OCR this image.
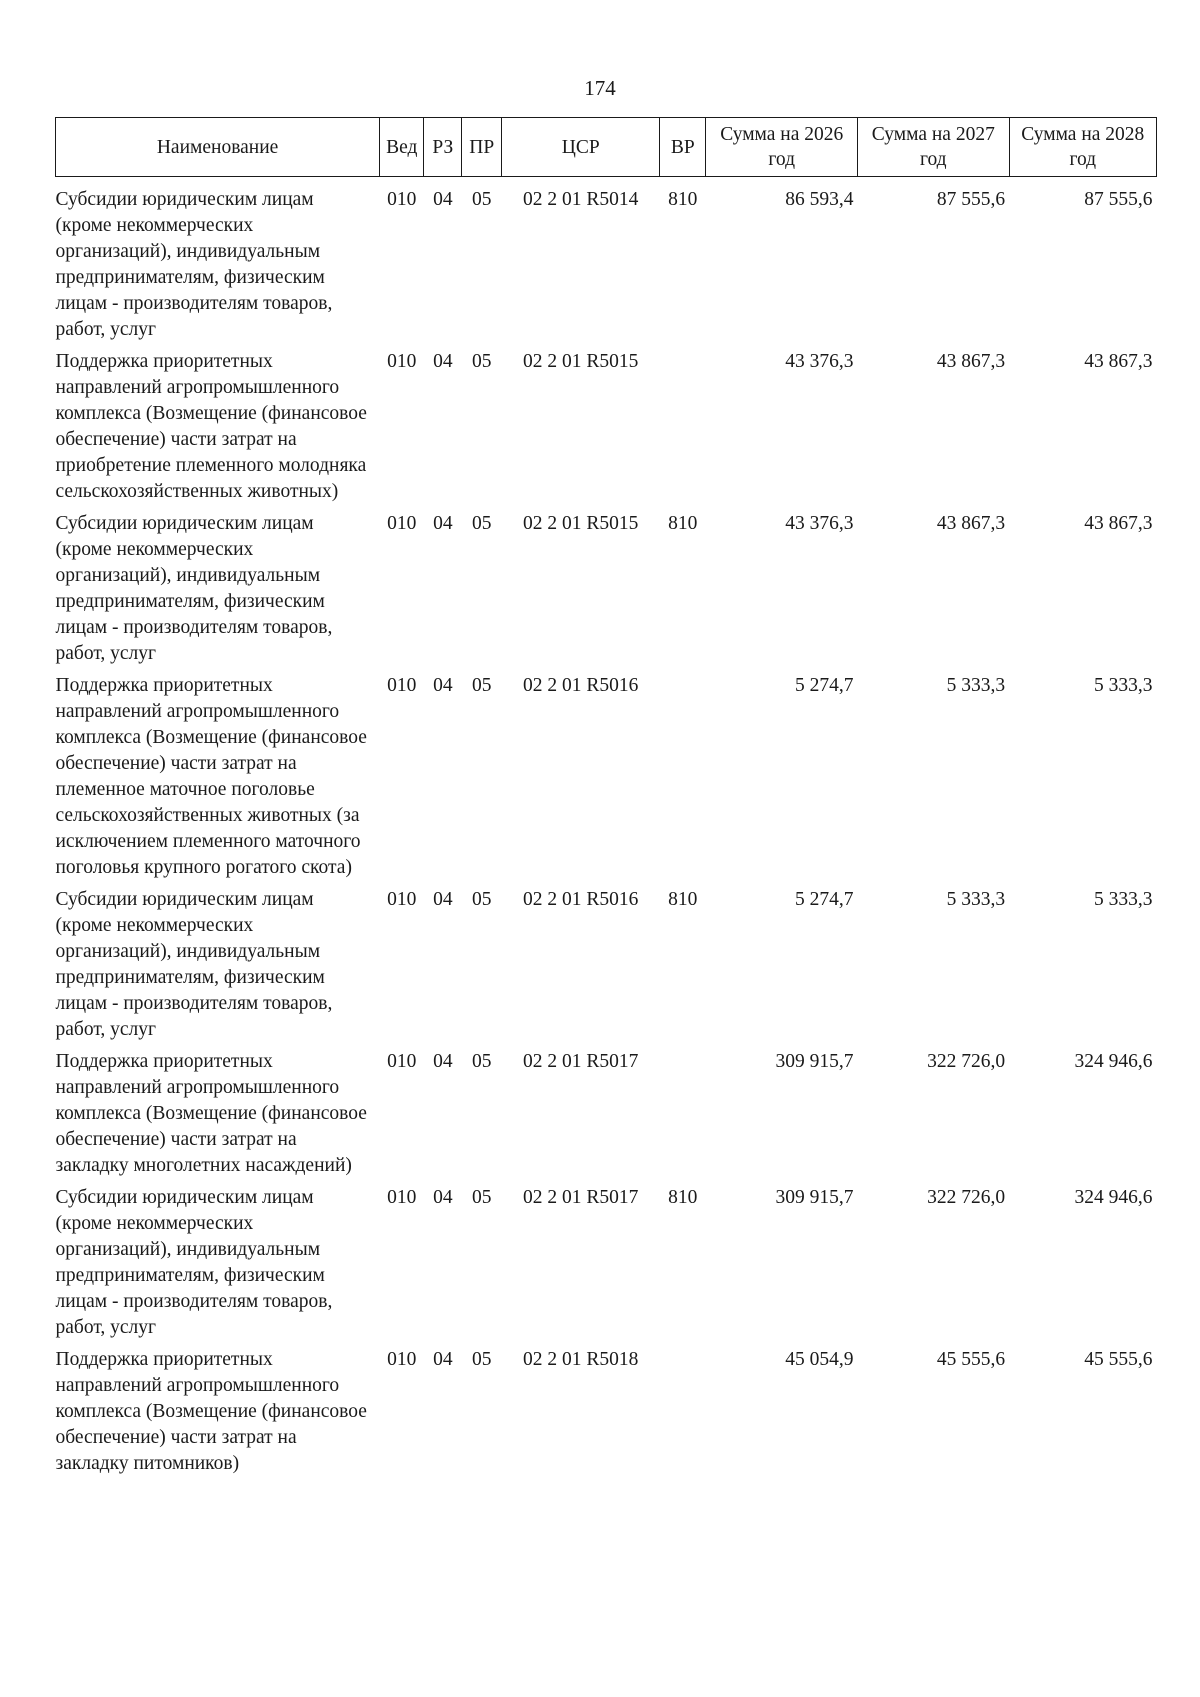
174
Наименование	Вед	РЗ	ПР	ЦСР	ВР	Сумма на 2026 год	Сумма на 2027 год	Сумма на 2028 год
Субсидии юридическим лицам (кроме некоммерческих организаций), индивидуальным предпринимателям, физическим лицам - производителям товаров, работ, услуг	010	04	05	02 2 01 R5014	810	86 593,4	87 555,6	87 555,6
Поддержка приоритетных направлений агропромышленного комплекса (Возмещение (финансовое обеспечение) части затрат на приобретение племенного молодняка сельскохозяйственных животных)	010	04	05	02 2 01 R5015		43 376,3	43 867,3	43 867,3
Субсидии юридическим лицам (кроме некоммерческих организаций), индивидуальным предпринимателям, физическим лицам - производителям товаров, работ, услуг	010	04	05	02 2 01 R5015	810	43 376,3	43 867,3	43 867,3
Поддержка приоритетных направлений агропромышленного комплекса (Возмещение (финансовое обеспечение) части затрат на племенное маточное поголовье сельскохозяйственных животных (за исключением племенного маточного поголовья крупного рогатого скота)	010	04	05	02 2 01 R5016		5 274,7	5 333,3	5 333,3
Субсидии юридическим лицам (кроме некоммерческих организаций), индивидуальным предпринимателям, физическим лицам - производителям товаров, работ, услуг	010	04	05	02 2 01 R5016	810	5 274,7	5 333,3	5 333,3
Поддержка приоритетных направлений агропромышленного комплекса (Возмещение (финансовое обеспечение) части затрат на закладку многолетних насаждений)	010	04	05	02 2 01 R5017		309 915,7	322 726,0	324 946,6
Субсидии юридическим лицам (кроме некоммерческих организаций), индивидуальным предпринимателям, физическим лицам - производителям товаров, работ, услуг	010	04	05	02 2 01 R5017	810	309 915,7	322 726,0	324 946,6
Поддержка приоритетных направлений агропромышленного комплекса (Возмещение (финансовое обеспечение) части затрат на закладку питомников)	010	04	05	02 2 01 R5018		45 054,9	45 555,6	45 555,6
